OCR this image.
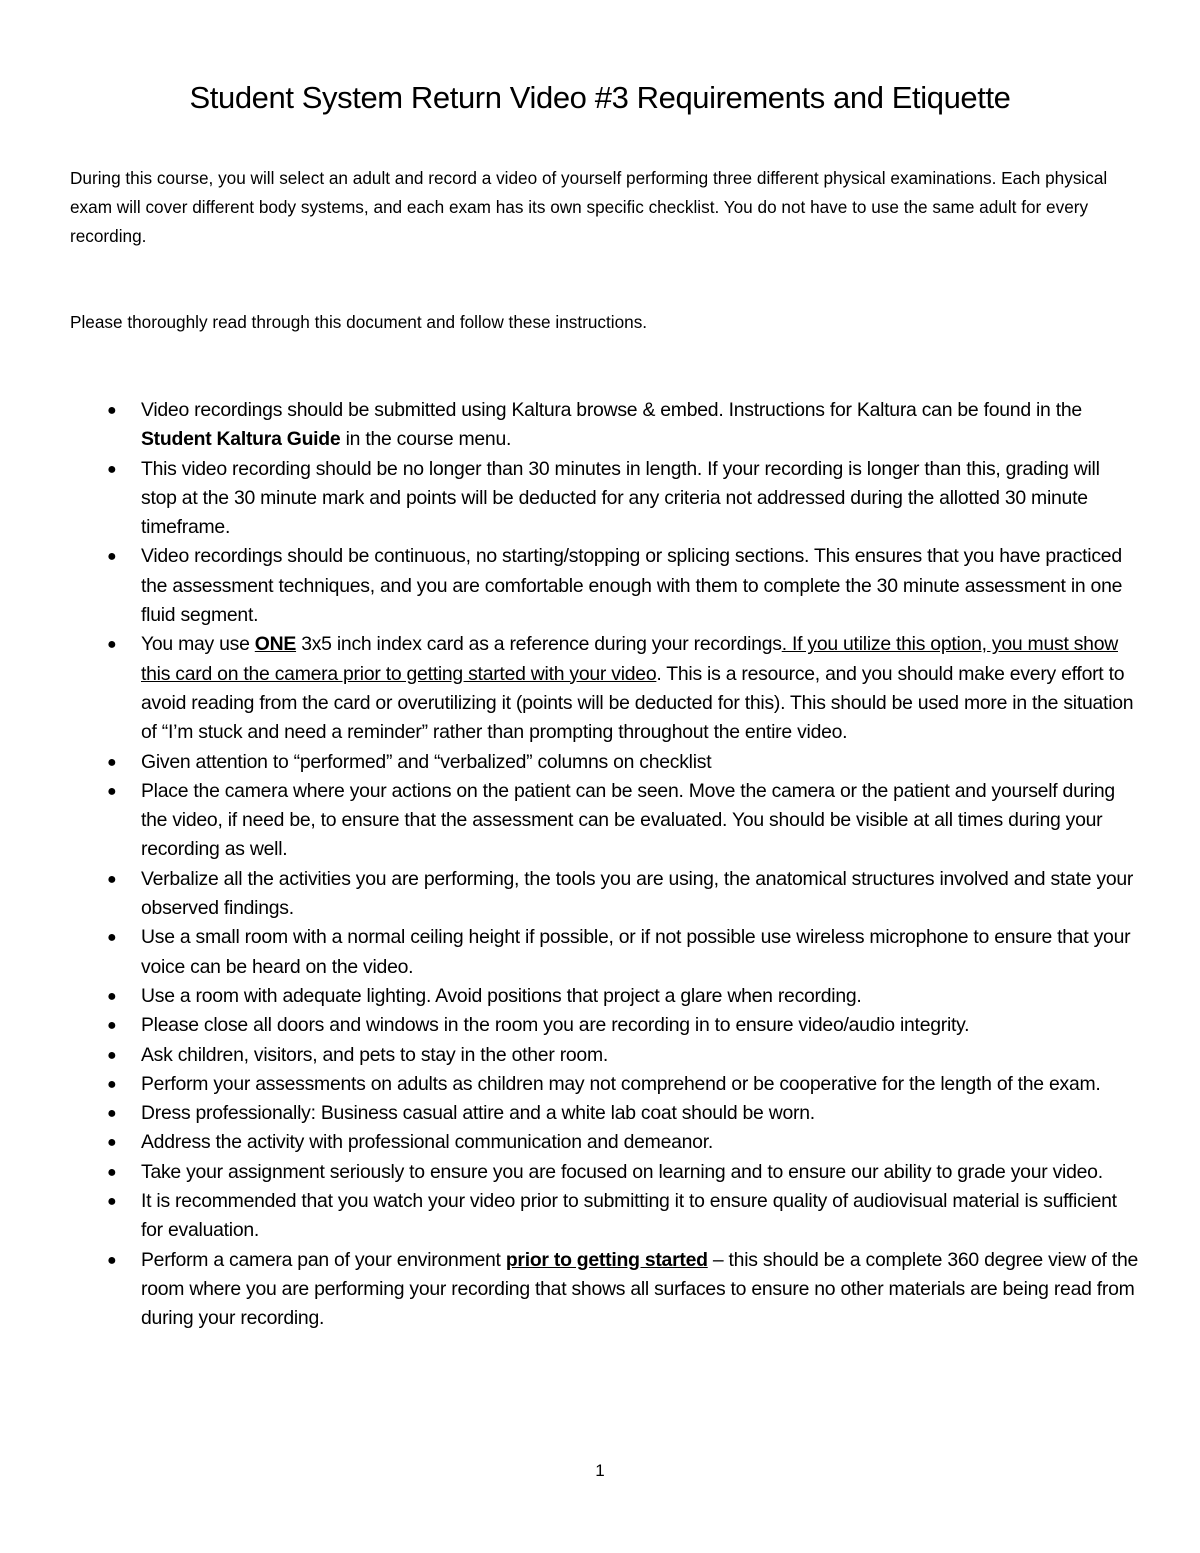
Student System Return Video #3 Requirements and Etiquette

During this course, you will select an adult and record a video of yourself performing three different physical examinations. Each physical exam will cover different body systems, and each exam has its own specific checklist. You do not have to use the same adult for every recording.

Please thoroughly read through this document and follow these instructions.

●	Video recordings should be submitted using Kaltura browse & embed. Instructions for Kaltura can be found in the Student Kaltura Guide in the course menu.
●	This video recording should be no longer than 30 minutes in length. If your recording is longer than this, grading will stop at the 30 minute mark and points will be deducted for any criteria not addressed during the allotted 30 minute timeframe.
●	Video recordings should be continuous, no starting/stopping or splicing sections. This ensures that you have practiced the assessment techniques, and you are comfortable enough with them to complete the 30 minute assessment in one fluid segment.
●	You may use ONE 3x5 inch index card as a reference during your recordings. If you utilize this option, you must show this card on the camera prior to getting started with your video. This is a resource, and you should make every effort to avoid reading from the card or overutilizing it (points will be deducted for this). This should be used more in the situation of “I’m stuck and need a reminder” rather than prompting throughout the entire video.
●	Given attention to “performed” and “verbalized” columns on checklist
●	Place the camera where your actions on the patient can be seen. Move the camera or the patient and yourself during the video, if need be, to ensure that the assessment can be evaluated. You should be visible at all times during your recording as well.
●	Verbalize all the activities you are performing, the tools you are using, the anatomical structures involved and state your observed findings.
●	Use a small room with a normal ceiling height if possible, or if not possible use wireless microphone to ensure that your voice can be heard on the video.
●	Use a room with adequate lighting. Avoid positions that project a glare when recording.
●	Please close all doors and windows in the room you are recording in to ensure video/audio integrity.
●	Ask children, visitors, and pets to stay in the other room.
●	Perform your assessments on adults as children may not comprehend or be cooperative for the length of the exam.
●	Dress professionally: Business casual attire and a white lab coat should be worn.
●	Address the activity with professional communication and demeanor.
●	Take your assignment seriously to ensure you are focused on learning and to ensure our ability to grade your video.
●	It is recommended that you watch your video prior to submitting it to ensure quality of audiovisual material is sufficient for evaluation.
●	Perform a camera pan of your environment prior to getting started – this should be a complete 360 degree view of the room where you are performing your recording that shows all surfaces to ensure no other materials are being read from during your recording.

1
